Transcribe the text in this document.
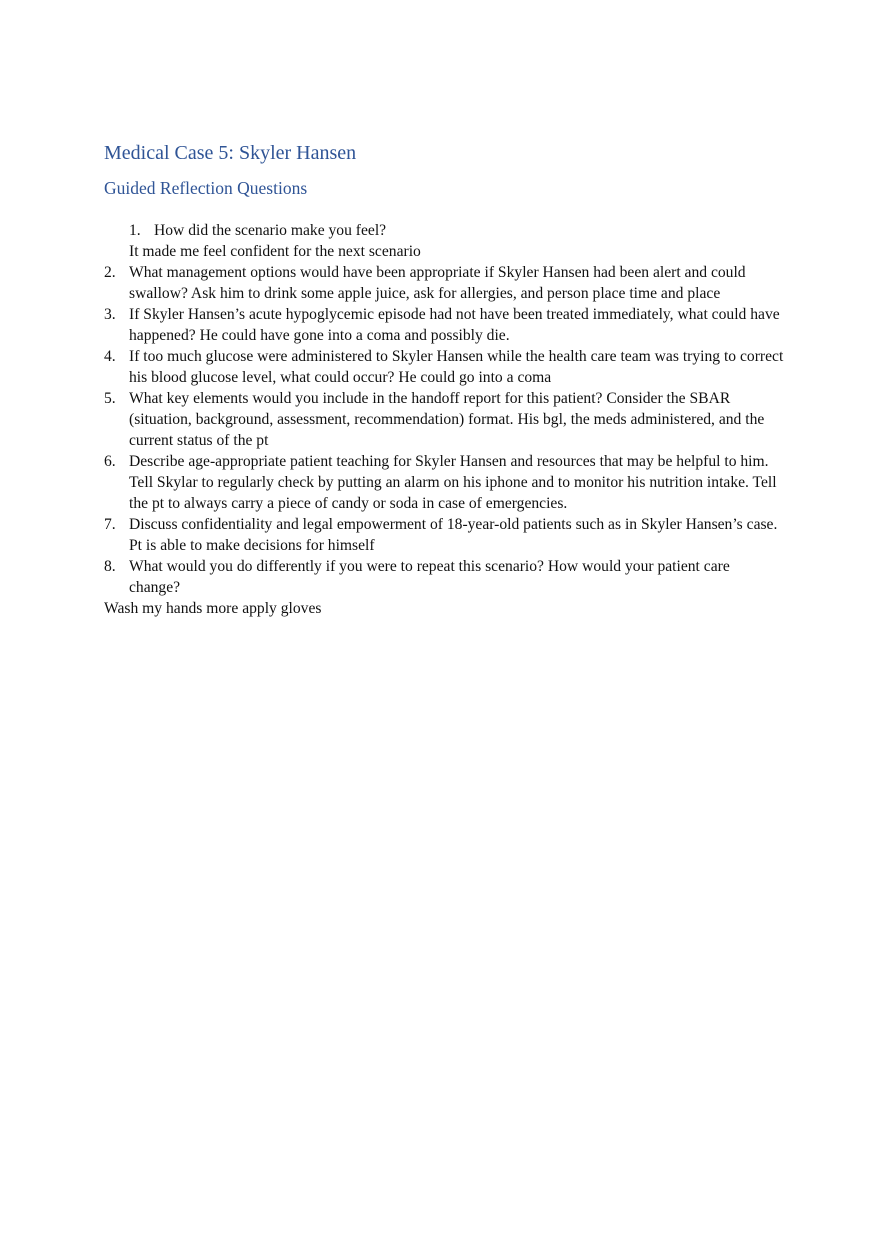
Medical Case 5: Skyler Hansen
Guided Reflection Questions
1. How did the scenario make you feel?
It made me feel confident for the next scenario
2. What management options would have been appropriate if Skyler Hansen had been alert and could swallow? Ask him to drink some apple juice, ask for allergies, and person place time and place
3. If Skyler Hansen’s acute hypoglycemic episode had not have been treated immediately, what could have happened? He could have gone into a coma and possibly die.
4. If too much glucose were administered to Skyler Hansen while the health care team was trying to correct his blood glucose level, what could occur? He could go into a coma
5. What key elements would you include in the handoff report for this patient? Consider the SBAR (situation, background, assessment, recommendation) format. His bgl, the meds administered, and the current status of the pt
6. Describe age-appropriate patient teaching for Skyler Hansen and resources that may be helpful to him. Tell Skylar to regularly check by putting an alarm on his iphone and to monitor his nutrition intake. Tell the pt to always carry a piece of candy or soda in case of emergencies.
7. Discuss confidentiality and legal empowerment of 18-year-old patients such as in Skyler Hansen’s case. Pt is able to make decisions for himself
8. What would you do differently if you were to repeat this scenario? How would your patient care change?
Wash my hands more apply gloves
